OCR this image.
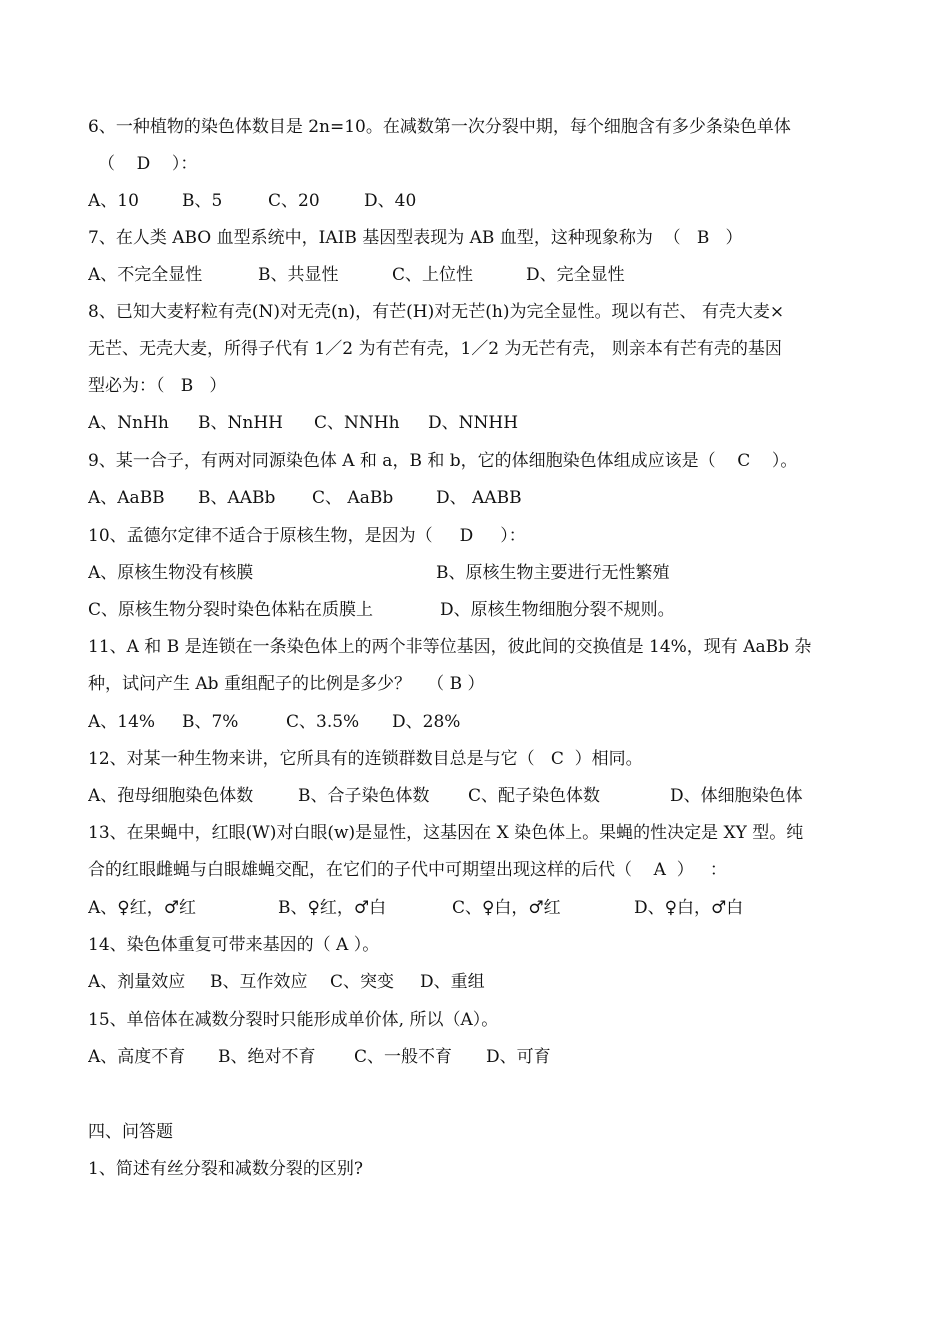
6、一种植物的染色体数目是 2n=10。在减数第一次分裂中期，每个细胞含有多少条染色单体
（    D    ）：

A、10

	B、5

	C、20

	D、40

7、在人类 ABO 血型系统中，IAIB 基因型表现为 AB 血型，这种现象称为  （   B   ）

A、不完全显性

	B、共显性

	C、上位性

	D、完全显性

8、已知大麦籽粒有壳(N)对无壳(n)，有芒(H)对无芒(h)为完全显性。现以有芒、 有壳大麦×
无芒、无壳大麦，所得子代有 1／2 为有芒有壳，1／2 为无芒有壳， 则亲本有芒有壳的基因
型必为：（   B   ）

A、NnHh

B、NnHH

C、NNHh

D、NNHH

9、某一合子，有两对同源染色体 A 和 a，B 和 b，它的体细胞染色体组成应该是（    C    ）。

A、AaBB

B、AABb

C、 AaBb

	D、 AABB

10、孟德尔定律不适合于原核生物，是因为（     D     ）：

A、原核生物没有核膜

	B、原核生物主要进行无性繁殖

C、原核生物分裂时染色体粘在质膜上

	D、原核生物细胞分裂不规则。

11、A 和 B 是连锁在一条染色体上的两个非等位基因，彼此间的交换值是 14%，现有 AaBb 杂
种，试问产生 Ab 重组配子的比例是多少？   （ B ）

A、14%

B、7%

	C、3.5%

D、28%

12、对某一种生物来讲，它所具有的连锁群数目总是与它（   C  ）相同。

A、孢母细胞染色体数

	B、合子染色体数

C、配子染色体数

	D、体细胞染色体

13、在果蝇中，红眼(W)对白眼(w)是显性，这基因在 X 染色体上。果蝇的性决定是 XY 型。纯
合的红眼雌蝇与白眼雄蝇交配，在它们的子代中可期望出现这样的后代（    A  ）   ：

A、♀红，♂红

	B、♀红，♂白

	C、♀白，♂红

	D、♀白，♂白

14、染色体重复可带来基因的（ A ）。

A、剂量效应

B、互作效应

C、突变

D、重组

15、单倍体在减数分裂时只能形成单价体, 所以（A）。

A、高度不育

B、绝对不育

C、一般不育

D、可育

四、问答题
1、简述有丝分裂和减数分裂的区别?
